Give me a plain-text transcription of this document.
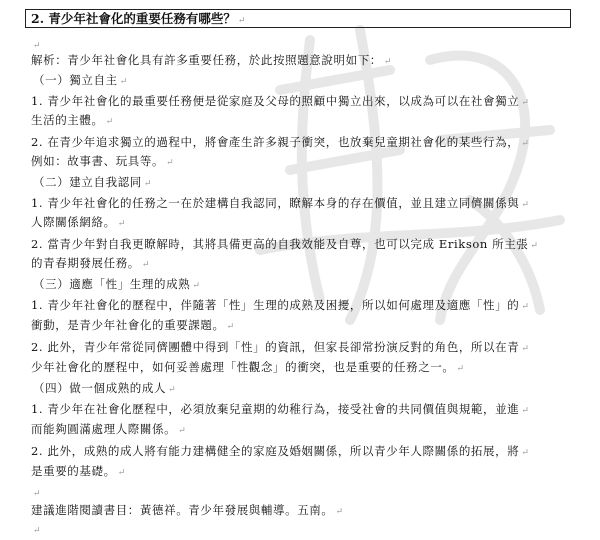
2. 青少年社會化的重要任務有哪些？ ↵
↵
解析：青少年社會化具有許多重要任務，於此按照題意說明如下： ↵
（一）獨立自主 ↵
1. 青少年社會化的最重要任務便是從家庭及父母的照顧中獨立出來，以成為可以在社會獨立 ↵
生活的主體。 ↵
2. 在青少年追求獨立的過程中，將會產生許多親子衝突，也放棄兒童期社會化的某些行為， ↵
例如：故事書、玩具等。 ↵
（二）建立自我認同 ↵
1. 青少年社會化的任務之一在於建構自我認同，瞭解本身的存在價值，並且建立同儕關係與 ↵
人際關係網絡。 ↵
2. 當青少年對自我更瞭解時，其將具備更高的自我效能及自尊，也可以完成 Erikson 所主張 ↵
的青春期發展任務。 ↵
（三）適應「性」生理的成熟 ↵
1. 青少年社會化的歷程中，伴隨著「性」生理的成熟及困擾，所以如何處理及適應「性」的 ↵
衝動，是青少年社會化的重要課題。 ↵
2. 此外，青少年常從同儕團體中得到「性」的資訊，但家長卻常扮演反對的角色，所以在青 ↵
少年社會化的歷程中，如何妥善處理「性觀念」的衝突，也是重要的任務之一。 ↵
（四）做一個成熟的成人 ↵
1. 青少年在社會化歷程中，必須放棄兒童期的幼稚行為，接受社會的共同價值與規範，並進 ↵
而能夠圓滿處理人際關係。 ↵
2. 此外，成熟的成人將有能力建構健全的家庭及婚姻關係，所以青少年人際關係的拓展，將 ↵
是重要的基礎。 ↵
↵
建議進階閱讀書目：黃德祥。青少年發展與輔導。五南。 ↵
↵
